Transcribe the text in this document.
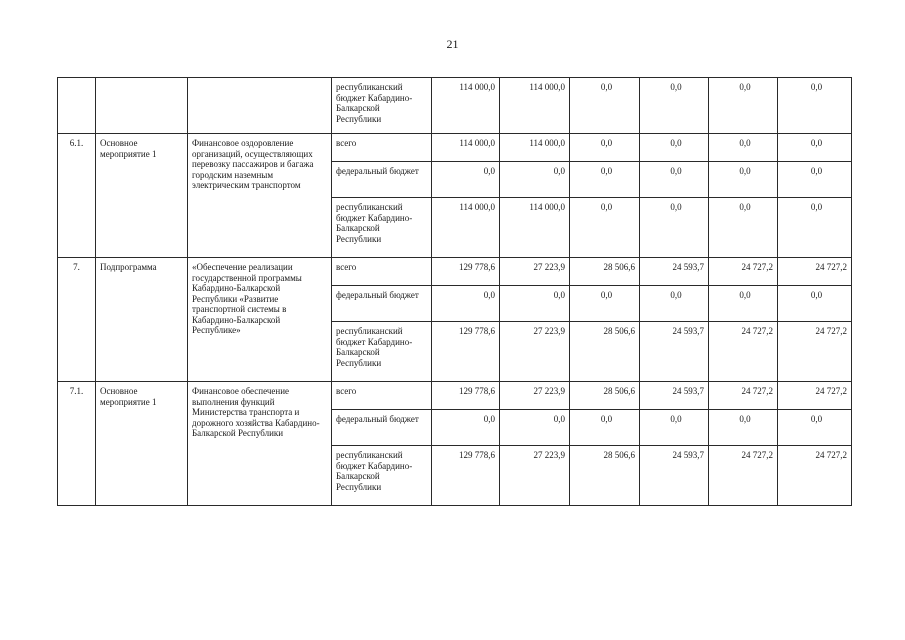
21
			республиканский бюджет Кабардино-Балкарской Республики	114 000,0	114 000,0	0,0	0,0	0,0	0,0
6.1.	Основное мероприятие 1	Финансовое оздоровление организаций, осуществляющих перевозку пассажиров и багажа городским наземным электрическим транспортом	всего	114 000,0	114 000,0	0,0	0,0	0,0	0,0
			федеральный бюджет	0,0	0,0	0,0	0,0	0,0	0,0
			республиканский бюджет Кабардино-Балкарской Республики	114 000,0	114 000,0	0,0	0,0	0,0	0,0
7.	Подпрограмма	«Обеспечение реализации государственной программы Кабардино-Балкарской Республики «Развитие транспортной системы в Кабардино-Балкарской Республике»	всего	129 778,6	27 223,9	28 506,6	24 593,7	24 727,2	24 727,2
			федеральный бюджет	0,0	0,0	0,0	0,0	0,0	0,0
			республиканский бюджет Кабардино-Балкарской Республики	129 778,6	27 223,9	28 506,6	24 593,7	24 727,2	24 727,2
7.1.	Основное мероприятие 1	Финансовое обеспечение выполнения функций Министерства транспорта и дорожного хозяйства Кабардино-Балкарской Республики	всего	129 778,6	27 223,9	28 506,6	24 593,7	24 727,2	24 727,2
			федеральный бюджет	0,0	0,0	0,0	0,0	0,0	0,0
			республиканский бюджет Кабардино-Балкарской Республики	129 778,6	27 223,9	28 506,6	24 593,7	24 727,2	24 727,2
